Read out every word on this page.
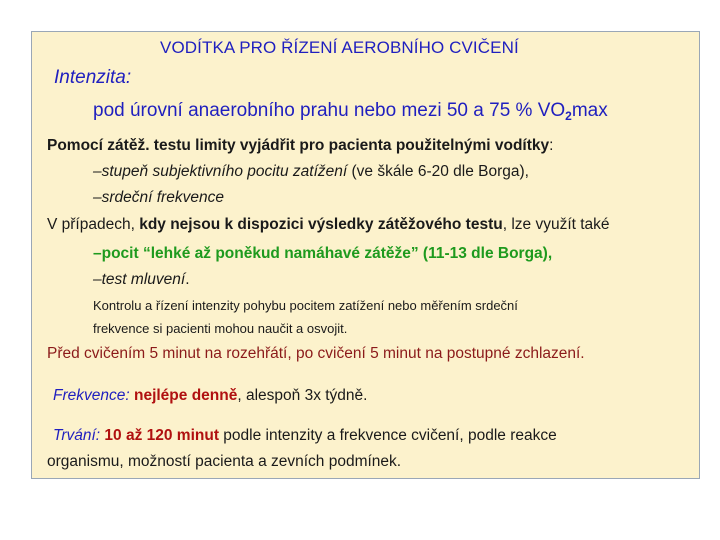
VODÍTKA PRO ŘÍZENÍ AEROBNÍHO CVIČENÍ
Intenzita:
pod úrovní anaerobního prahu nebo mezi 50 a 75 % $VO_2\max$
Pomocí zátěž. testu limity vyjádřit pro pacienta použitelnými vodítky:
–stupeň subjektivního pocitu zatížení (ve škále 6-20 dle Borga),
–srdeční frekvence
V případech, kdy nejsou k dispozici výsledky zátěžového testu, lze využít také
–pocit “lehké až poněkud namáhavé zátěže” (11-13 dle Borga),
–test mluvení.
Kontrolu a řízení intenzity pohybu pocitem zatížení nebo měřením srdeční
frekvence si pacienti mohou naučit a osvojit.
Před cvičením 5 minut na rozehřátí, po cvičení 5 minut na postupné zchlazení.
Frekvence: nejlépe denně, alespoň 3x týdně.
Trvání: 10 až 120 minut podle intenzity a frekvence cvičení, podle reakce
organismu, možností pacienta a zevních podmínek.
